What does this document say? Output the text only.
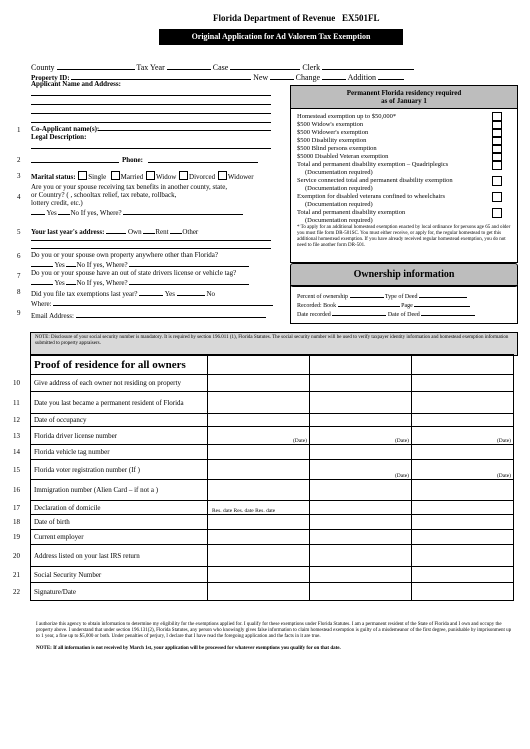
Florida Department of Revenue EX501FL
Original Application for Ad Valorem Tax Exemption
County	Tax Year	Case	Clerk
Property ID:	New	Change	Addition
Applicant Name and Address:
1 Co-Applicant name(s):
Legal Description:
2	Phone:
3 Marital status: Single Married Widow Divorced Widower
4
Are you or your spouse receiving tax benefits in another county, state,
or Country? ( , schooltax relief, tax rebate, rollback,
lottery credit, etc.)
Yes No If yes, Where?
5 Your last year's address:	Own Rent Other
6 Do you or your spouse own property anywhere other than Florida?
Yes No If yes, Where?
7 Do you or your spouse have an out of state drivers license or vehicle tag?
Yes No If yes, Where?
8 Did you file tax exemptions last year?	Yes	No
Where:
9 Email Address:
Permanent Florida residency required
as of January 1
Homestead exemption up to $50,000*
$500 Widow's exemption
$500 Widower's exemption
$500 Disability exemption
$500 Blind persons exemption
$5000 Disabled Veteran exemption
Total and permanent disability exemption – Quadriplegics
(Documentation required)
Service connected total and permanent disability exemption
(Documentation required)
Exemption for disabled veterans confined to wheelchairs
(Documentation required)
Total and permanent disability exemption
(Documentation required)
* To apply for an additional homestead exemption enacted by local ordinance for persons age 65 and older you must file form DR-501SC. You must either receive, or apply for, the regular homestead to get this additional homestead exemption. If you have already received regular homestead exemption, you do not need to file another form DR-501.
Ownership information
Percent of ownership	Type of Deed
Recorded: Book	Page
Date recorded	Date of Deed
NOTE: Disclosure of your social security number is mandatory. It is required by section 196.011 (1), Florida Statutes. The social security number will be used to verify taxpayer identity information and homestead exemption information submitted to property appraisers.
Proof of residence for all owners			

10 Give address of each owner not residing on property			

11 Date you last became a permanent resident of Florida			

12 Date of occupancy			

13 Florida driver license number	(Date)	(Date)	(Date)

14 Florida vehicle tag number			

15 Florida voter registration number (If )		(Date)	(Date)

16 Immigration number (Alien Card – if not a )			

17 Declaration of domicile	Res. date Res. date Res. date		

18 Date of birth			

19 Current employer			

20 Address listed on your last IRS return			

21 Social Security Number			

22 Signature/Date			
I authorize this agency to obtain information to determine my eligibility for the exemptions applied for. I qualify for these exemptions under Florida Statutes. I am a permanent resident of the State of Florida and I own and occupy the property above. I understand that under section 196.131(2), Florida Statutes, any person who knowingly gives false information to claim homestead exemption is guilty of a misdemeanor of the first degree, punishable by imprisonment up to 1 year, a fine up to $5,000 or both. Under penalties of perjury, I declare that I have read the foregoing application and the facts in it are true.
NOTE: If all information is not received by March 1st, your application will be processed for whatever exemptions you qualify for on that date.
